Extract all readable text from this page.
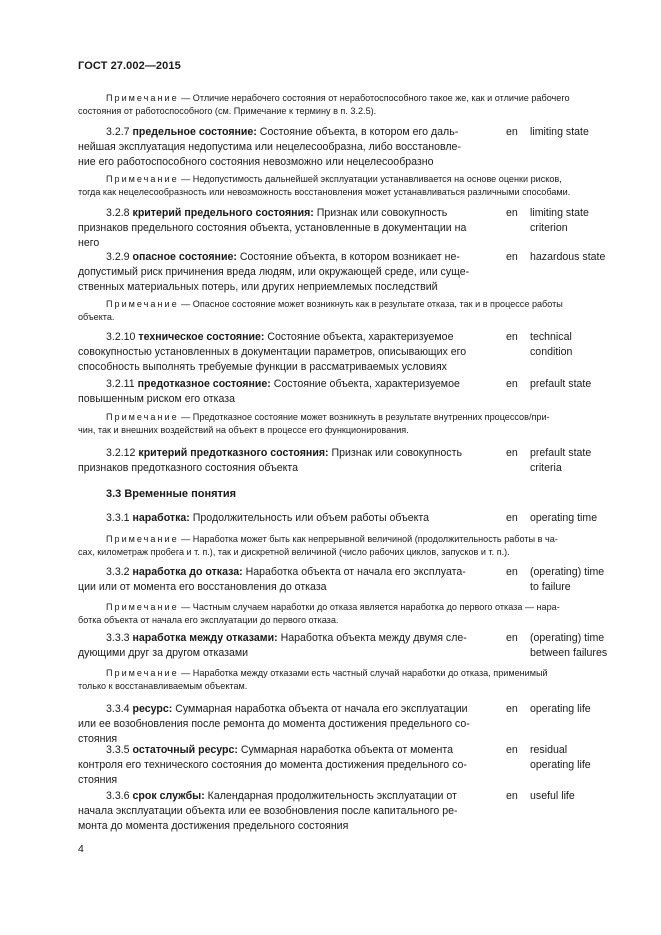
ГОСТ 27.002—2015
Примечание — Отличие нерабочего состояния от неработоспособного такое же, как и отличие рабочего
состояния от работоспособного (см. Примечание к термину в п. 3.2.5).
3.2.7 предельное состояние: Состояние объекта, в котором его даль-
нейшая эксплуатация недопустима или нецелесообразна, либо восстановле-
ние его работоспособного состояния невозможно или нецелесообразно
en limiting state
Примечание — Недопустимость дальнейшей эксплуатации устанавливается на основе оценки рисков,
тогда как нецелесообразность или невозможность восстановления может устанавливаться различными способами.
3.2.8 критерий предельного состояния: Признак или совокупность
признаков предельного состояния объекта, установленные в документации на
него
en limiting state
criterion
3.2.9 опасное состояние: Состояние объекта, в котором возникает не-
допустимый риск причинения вреда людям, или окружающей среде, или суще-
ственных материальных потерь, или других неприемлемых последствий
en hazardous state
Примечание — Опасное состояние может возникнуть как в результате отказа, так и в процессе работы
объекта.
3.2.10 техническое состояние: Состояние объекта, характеризуемое
совокупностью установленных в документации параметров, описывающих его
способность выполнять требуемые функции в рассматриваемых условиях
en technical
condition
3.2.11 предотказное состояние: Состояние объекта, характеризуемое
повышенным риском его отказа
en prefault state
Примечание — Предотказное состояние может возникнуть в результате внутренних процессов/при-
чин, так и внешних воздействий на объект в процессе его функционирования.
3.2.12 критерий предотказного состояния: Признак или совокупность
признаков предотказного состояния объекта
en prefault state
criteria
3.3.1 наработка: Продолжительность или объем работы объекта	en operating time
Примечание — Наработка может быть как непрерывной величиной (продолжительность работы в ча-
сах, километраж пробега и т. п.), так и дискретной величиной (число рабочих циклов, запусков и т. п.).
3.3.2 наработка до отказа: Наработка объекта от начала его эксплуата-
ции или от момента его восстановления до отказа
en (operating) time
to failure
Примечание — Частным случаем наработки до отказа является наработка до первого отказа — нара-
ботка объекта от начала его эксплуатации до первого отказа.
3.3.3 наработка между отказами: Наработка объекта между двумя сле-
дующими друг за другом отказами
en (operating) time
between failures
Примечание — Наработка между отказами есть частный случай наработки до отказа, применимый
только к восстанавливаемым объектам.
3.3.4 ресурс: Суммарная наработка объекта от начала его эксплуатации
или ее возобновления после ремонта до момента достижения предельного со-
стояния
en operating life
3.3.5 остаточный ресурс: Суммарная наработка объекта от момента
контроля его технического состояния до момента достижения предельного со-
стояния
en residual
operating life
3.3.6 срок службы: Календарная продолжительность эксплуатации от
начала эксплуатации объекта или ее возобновления после капитального ре-
монта до момента достижения предельного состояния
en useful life
3.3 Временные понятия
4
